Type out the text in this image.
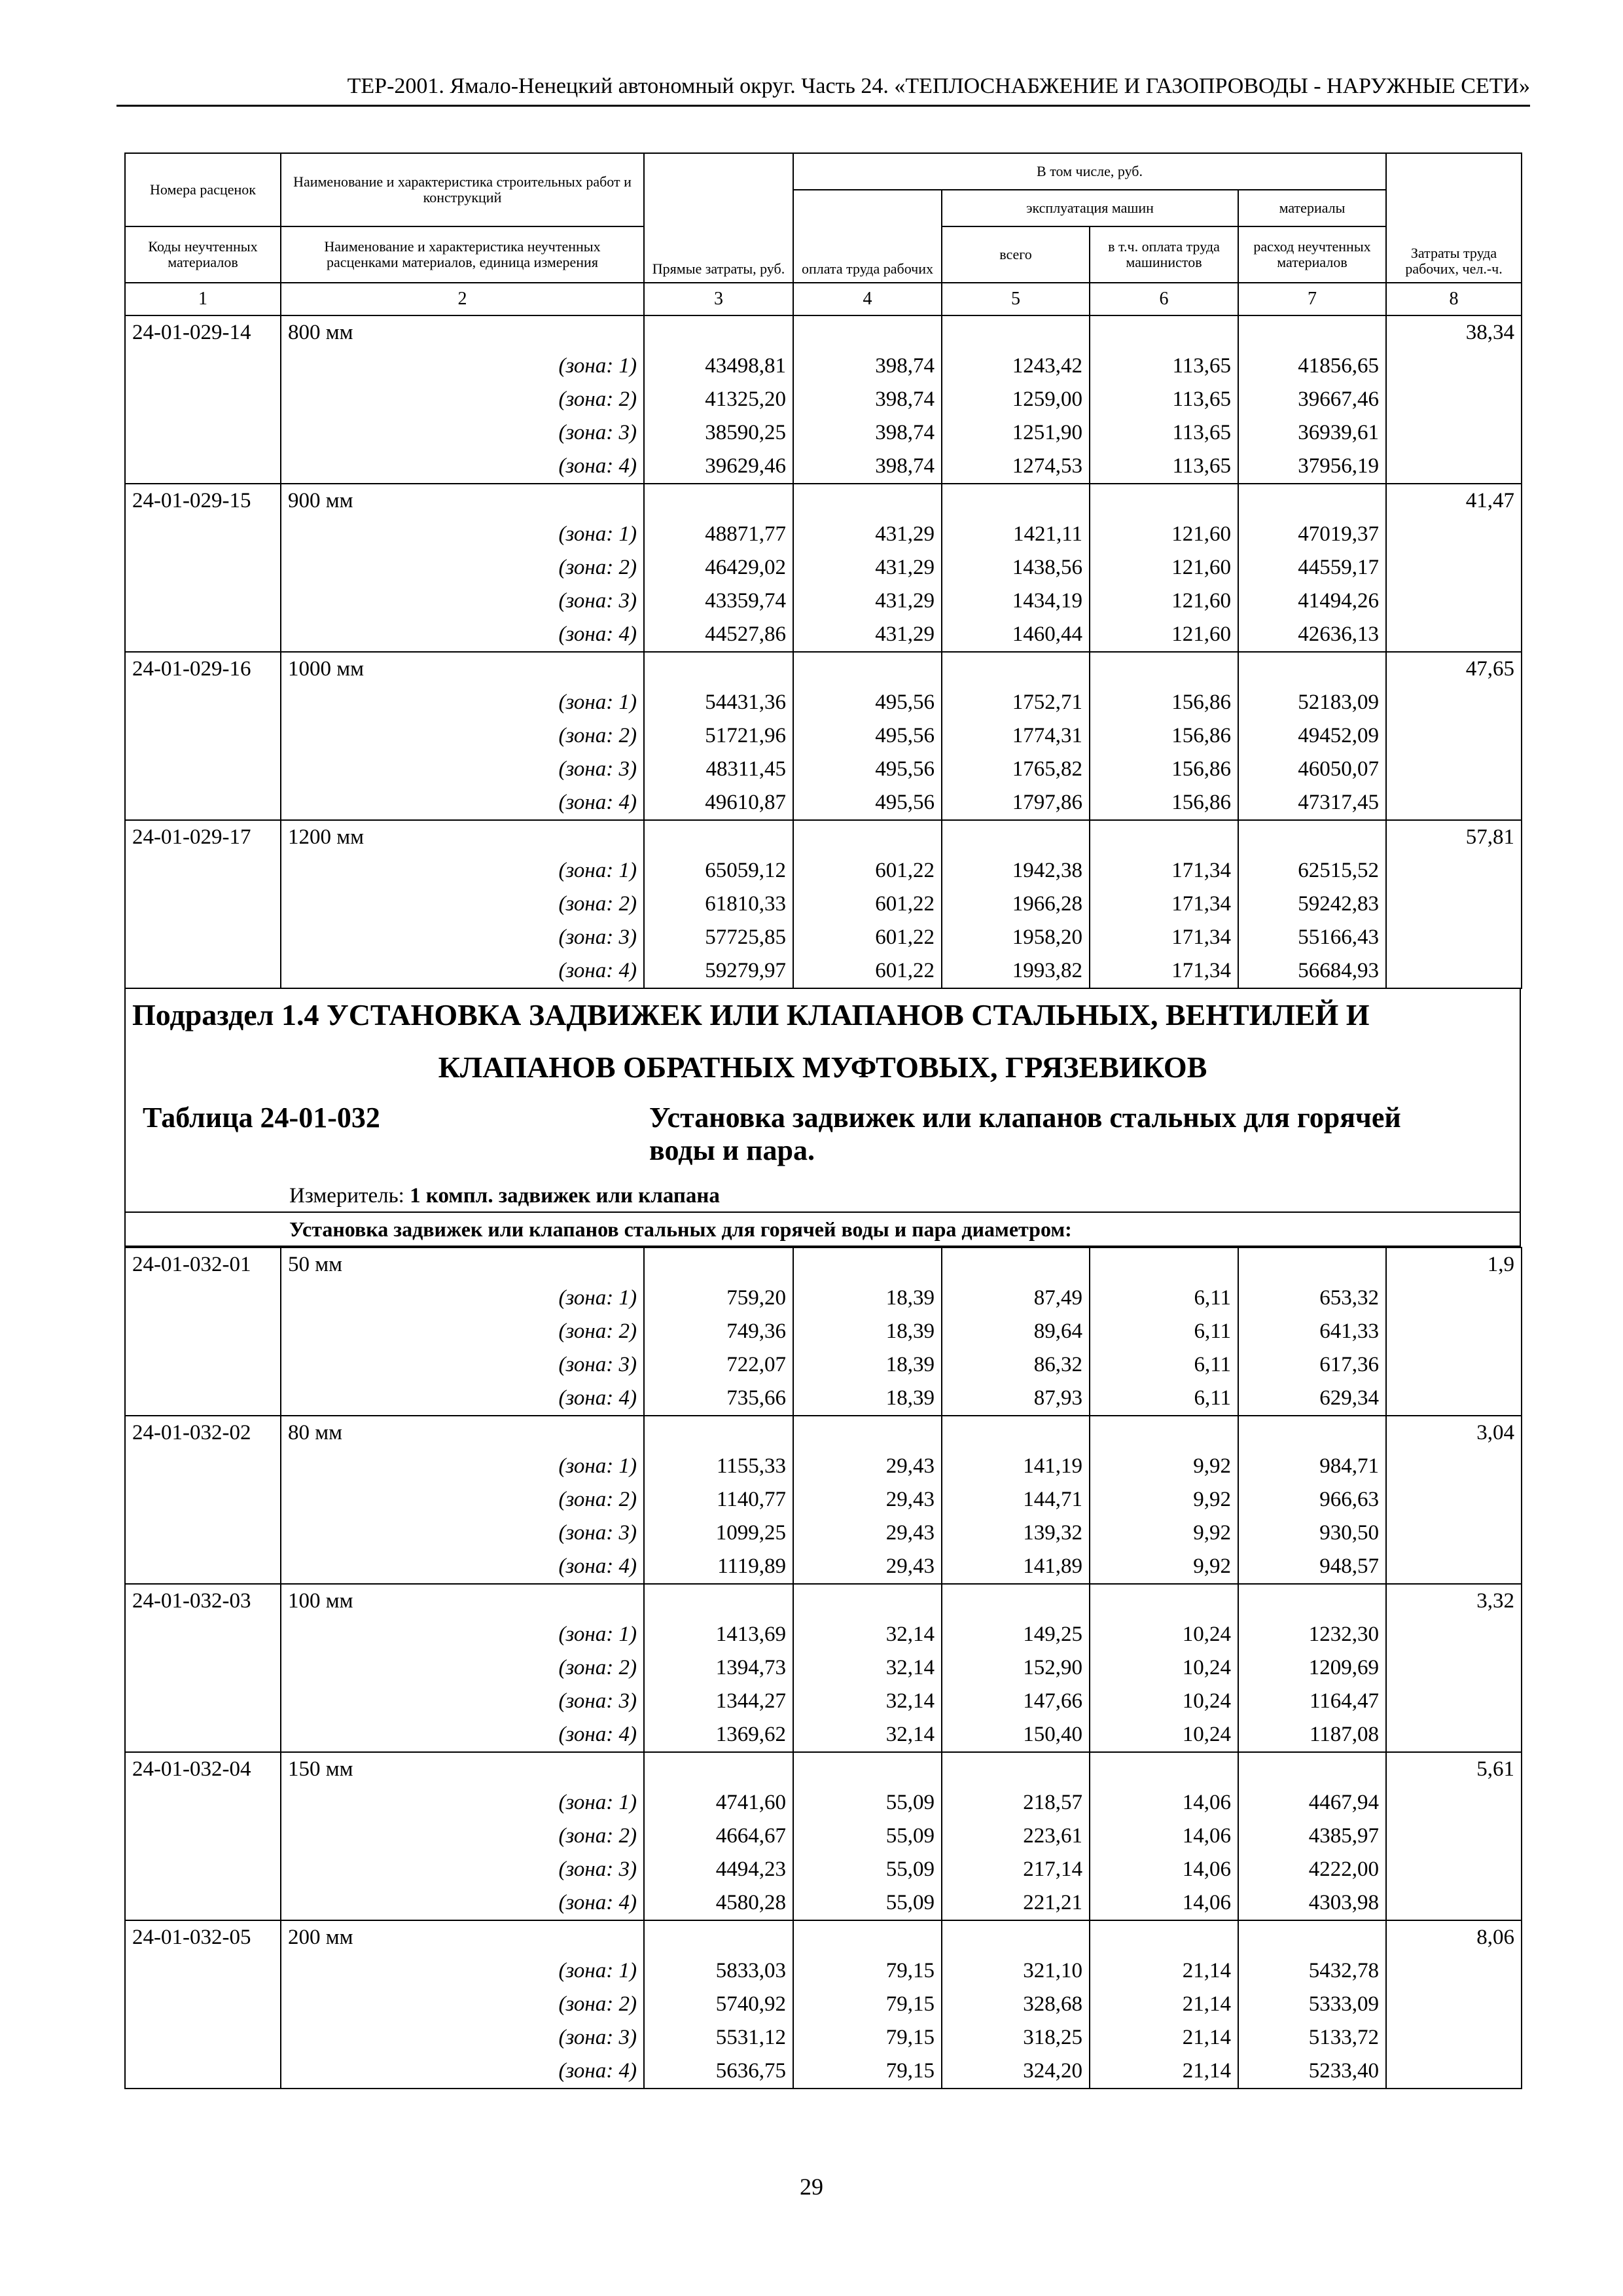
ТЕР-2001. Ямало-Ненецкий автономный округ. Часть 24. «ТЕПЛОСНАБЖЕНИЕ И ГАЗОПРОВОДЫ - НАРУЖНЫЕ СЕТИ»
Номера расценок	Наименование и характеристика строительных работ и конструкций	Прямые затраты, руб.	В том числе, руб.				Затраты труда рабочих, чел.-ч.
			оплата труда рабочих	эксплуатация машин		материалы	
Коды неучтенных материалов	Наименование и характеристика неучтенных расценками материалов, единица измерения			всего	в т.ч. оплата труда машинистов	расход неучтенных материалов	
1	2	3	4	5	6	7	8
24-01-029-14	800 мм						38,34
	(зона: 1)	43498,81	398,74	1243,42	113,65	41856,65	
	(зона: 2)	41325,20	398,74	1259,00	113,65	39667,46	
	(зона: 3)	38590,25	398,74	1251,90	113,65	36939,61	
	(зона: 4)	39629,46	398,74	1274,53	113,65	37956,19	
24-01-029-15	900 мм						41,47
	(зона: 1)	48871,77	431,29	1421,11	121,60	47019,37	
	(зона: 2)	46429,02	431,29	1438,56	121,60	44559,17	
	(зона: 3)	43359,74	431,29	1434,19	121,60	41494,26	
	(зона: 4)	44527,86	431,29	1460,44	121,60	42636,13	
24-01-029-16	1000 мм						47,65
	(зона: 1)	54431,36	495,56	1752,71	156,86	52183,09	
	(зона: 2)	51721,96	495,56	1774,31	156,86	49452,09	
	(зона: 3)	48311,45	495,56	1765,82	156,86	46050,07	
	(зона: 4)	49610,87	495,56	1797,86	156,86	47317,45	
24-01-029-17	1200 мм						57,81
	(зона: 1)	65059,12	601,22	1942,38	171,34	62515,52	
	(зона: 2)	61810,33	601,22	1966,28	171,34	59242,83	
	(зона: 3)	57725,85	601,22	1958,20	171,34	55166,43	
	(зона: 4)	59279,97	601,22	1993,82	171,34	56684,93	
Подраздел 1.4 УСТАНОВКА ЗАДВИЖЕК ИЛИ КЛАПАНОВ СТАЛЬНЫХ, ВЕНТИЛЕЙ И
КЛАПАНОВ ОБРАТНЫХ МУФТОВЫХ, ГРЯЗЕВИКОВ
Таблица 24-01-032	Установка задвижек или клапанов стальных для горячей воды и пара.
Измеритель: 1 компл. задвижек или клапана
Установка задвижек или клапанов стальных для горячей воды и пара диаметром:
24-01-032-01	50 мм						1,9
	(зона: 1)	759,20	18,39	87,49	6,11	653,32	
	(зона: 2)	749,36	18,39	89,64	6,11	641,33	
	(зона: 3)	722,07	18,39	86,32	6,11	617,36	
	(зона: 4)	735,66	18,39	87,93	6,11	629,34	
24-01-032-02	80 мм						3,04
	(зона: 1)	1155,33	29,43	141,19	9,92	984,71	
	(зона: 2)	1140,77	29,43	144,71	9,92	966,63	
	(зона: 3)	1099,25	29,43	139,32	9,92	930,50	
	(зона: 4)	1119,89	29,43	141,89	9,92	948,57	
24-01-032-03	100 мм						3,32
	(зона: 1)	1413,69	32,14	149,25	10,24	1232,30	
	(зона: 2)	1394,73	32,14	152,90	10,24	1209,69	
	(зона: 3)	1344,27	32,14	147,66	10,24	1164,47	
	(зона: 4)	1369,62	32,14	150,40	10,24	1187,08	
24-01-032-04	150 мм						5,61
	(зона: 1)	4741,60	55,09	218,57	14,06	4467,94	
	(зона: 2)	4664,67	55,09	223,61	14,06	4385,97	
	(зона: 3)	4494,23	55,09	217,14	14,06	4222,00	
	(зона: 4)	4580,28	55,09	221,21	14,06	4303,98	
24-01-032-05	200 мм						8,06
	(зона: 1)	5833,03	79,15	321,10	21,14	5432,78	
	(зона: 2)	5740,92	79,15	328,68	21,14	5333,09	
	(зона: 3)	5531,12	79,15	318,25	21,14	5133,72	
	(зона: 4)	5636,75	79,15	324,20	21,14	5233,40	
29
